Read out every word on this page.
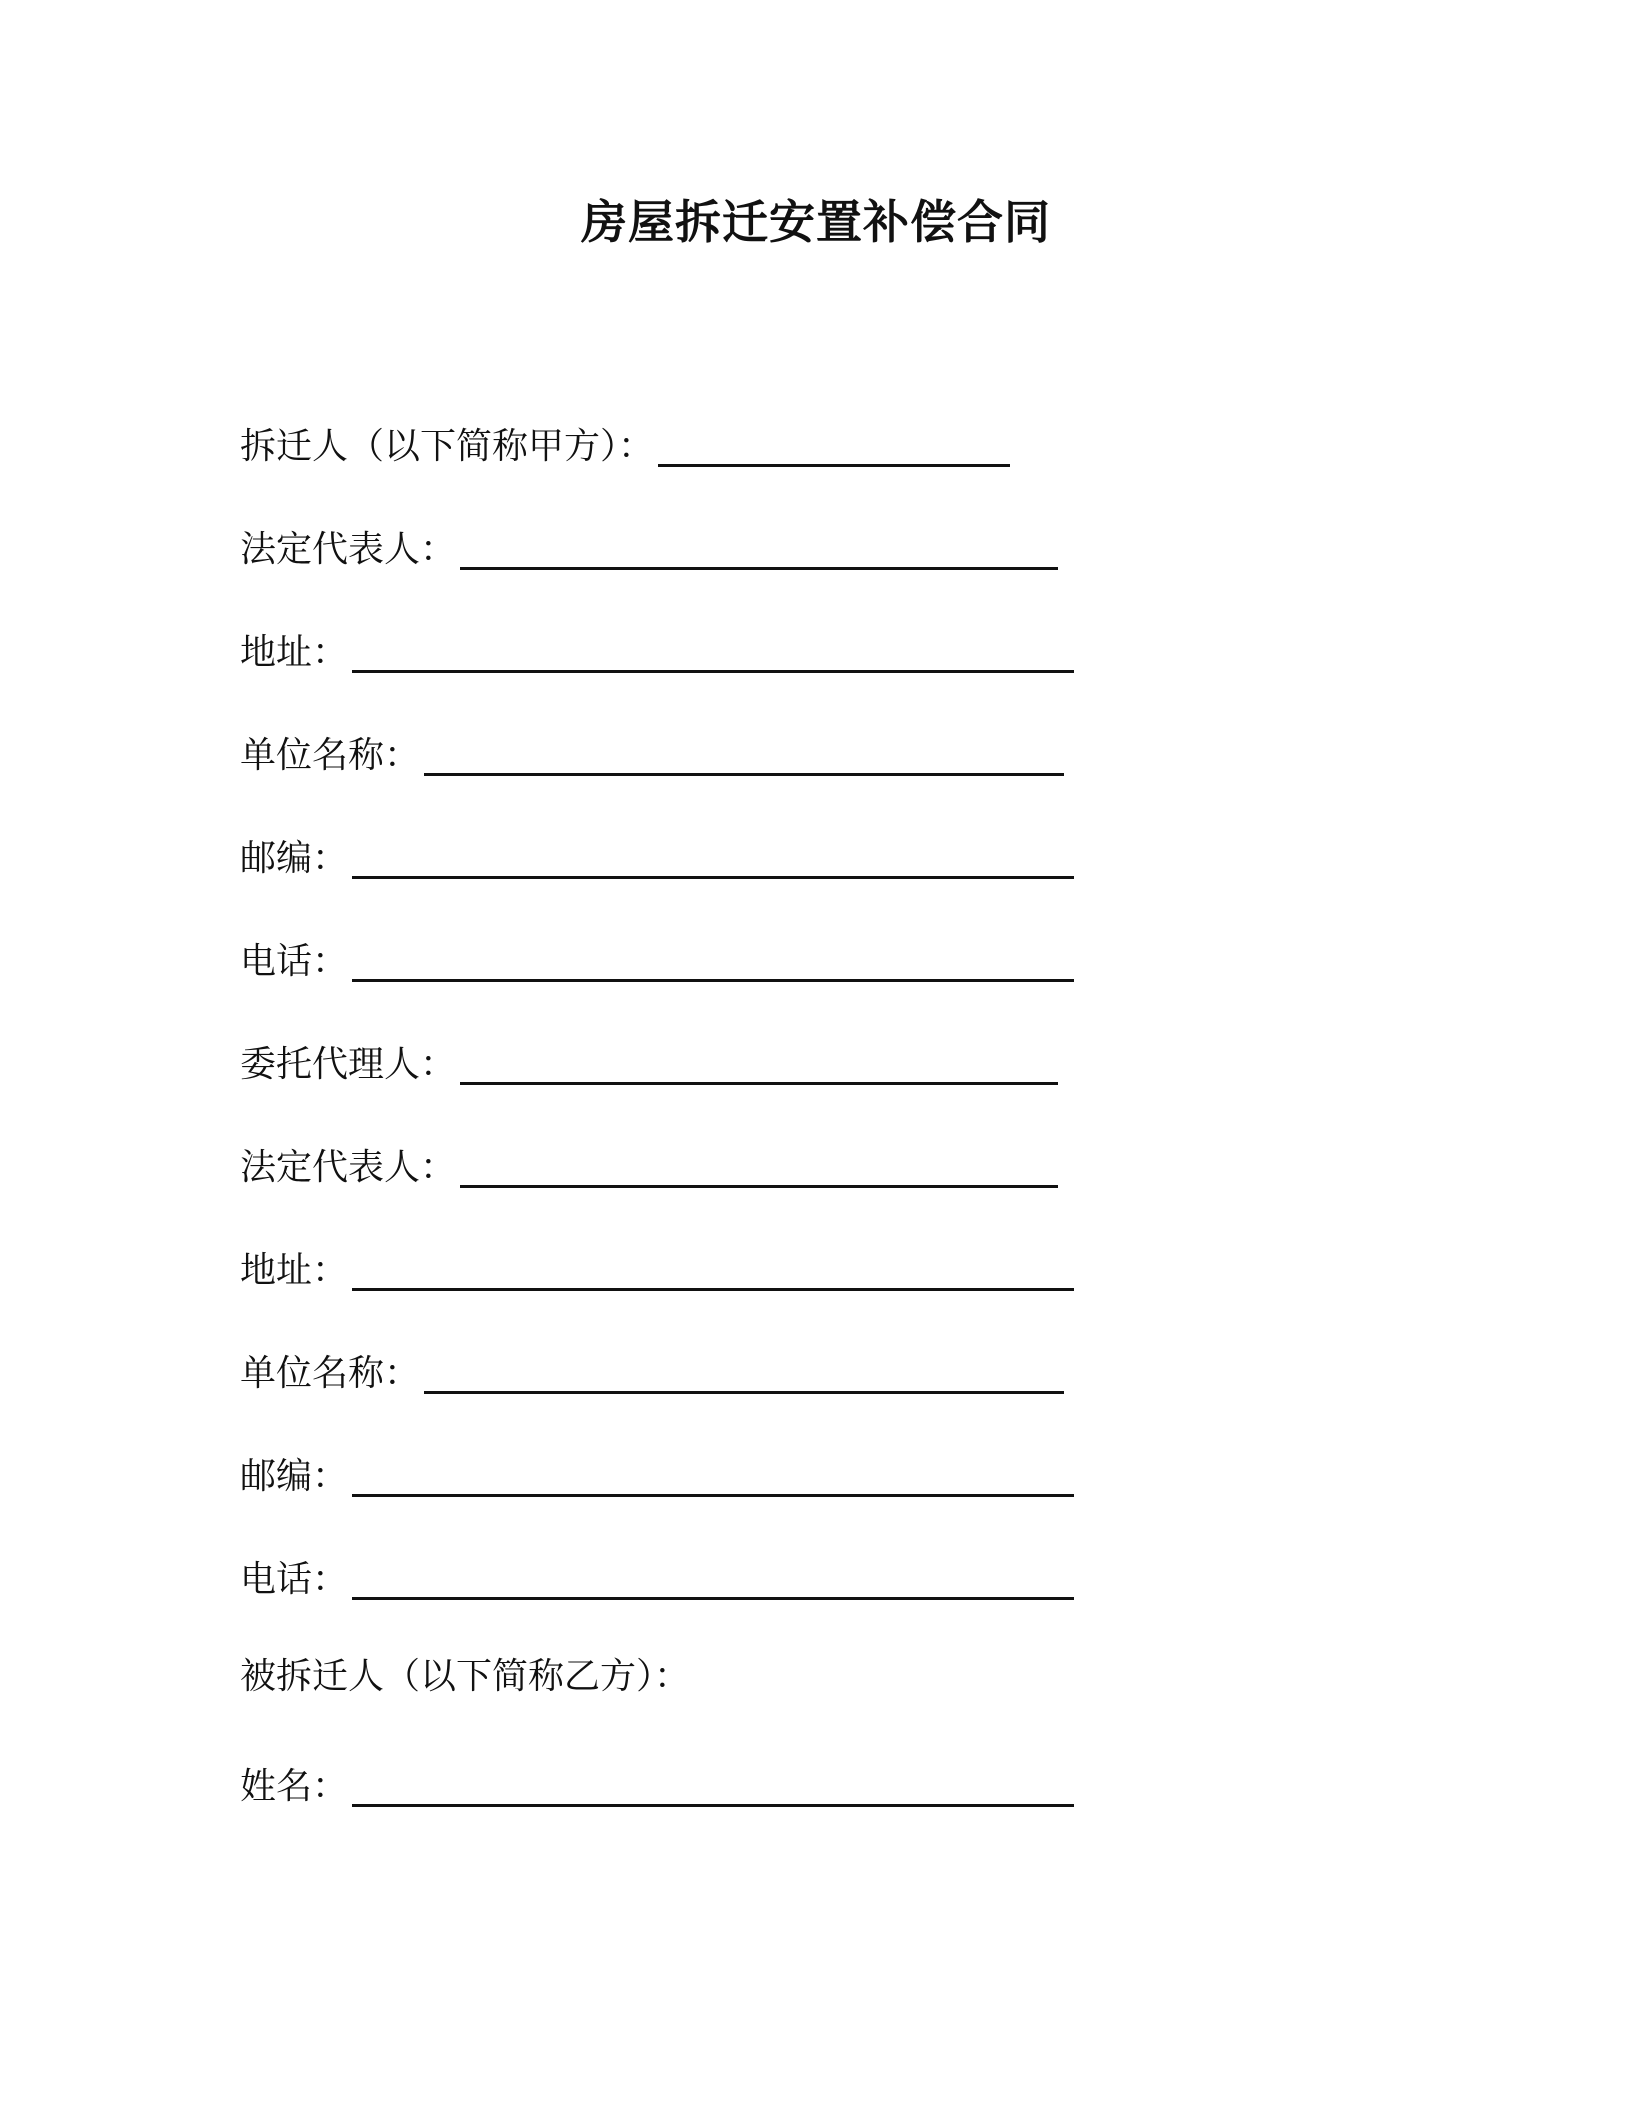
房屋拆迁安置补偿合同
拆迁人（以下简称甲方）：
法定代表人：
地址：
单位名称：
邮编：
电话：
委托代理人：
法定代表人：
地址：
单位名称：
邮编：
电话：
被拆迁人（以下简称乙方）：
姓名：
